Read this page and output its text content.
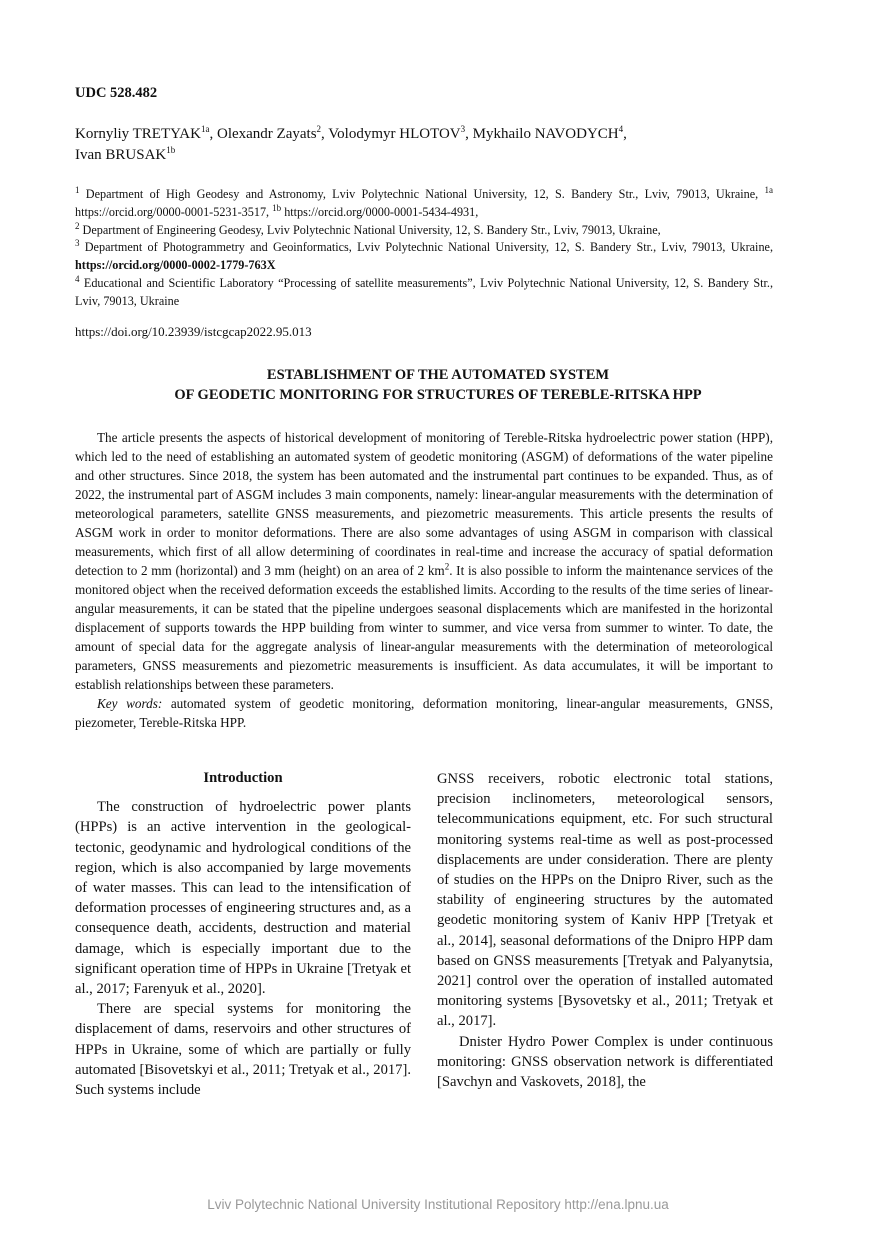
UDC 528.482
Kornyliy $TRETYAK^{1a}$, Olexandr Zayats$^2$, Volodymyr HLOTOV$^3$, Mykhailo NAVODYCH$^4$,
Ivan $BRUSAK^{1b}$
$^1$ Department of High Geodesy and Astronomy, Lviv Polytechnic National University, 12, S. Bandery Str., Lviv, 79013, Ukraine, $^{1a}$ https://orcid.org/0000-0001-5231-3517, $^{1b}$ https://orcid.org/0000-0001-5434-4931,
$^2$ Department of Engineering Geodesy, Lviv Polytechnic National University, 12, S. Bandery Str., Lviv, 79013, Ukraine,
$^3$ Department of Photogrammetry and Geoinformatics, Lviv Polytechnic National University, 12, S. Bandery Str., Lviv, 79013, Ukraine, https://orcid.org/0000-0002-1779-763X
$^4$ Educational and Scientific Laboratory “Processing of satellite measurements”, Lviv Polytechnic National University, 12, S. Bandery Str., Lviv, 79013, Ukraine
https://doi.org/10.23939/istcgcap2022.95.013
ESTABLISHMENT OF THE AUTOMATED SYSTEM
OF GEODETIC MONITORING FOR STRUCTURES OF TEREBLE-RITSKA HPP

The article presents the aspects of historical development of monitoring of Tereble-Ritska hydroelectric power station (HPP), which led to the need of establishing an automated system of geodetic monitoring (ASGM) of deformations of the water pipeline and other structures. Since 2018, the system has been automated and the instrumental part continues to be expanded. Thus, as of 2022, the instrumental part of ASGM includes 3 main components, namely: linear-angular measurements with the determination of meteorological parameters, satellite GNSS measurements, and piezometric measurements. This article presents the results of ASGM work in order to monitor deformations. There are also some advantages of using ASGM in comparison with classical measurements, which first of all allow determining of coordinates in real-time and increase the accuracy of spatial deformation detection to 2 mm (horizontal) and 3 mm (height) on an area of 2 $km^2$. It is also possible to inform the maintenance services of the monitored object when the received deformation exceeds the established limits. According to the results of the time series of linear-angular measurements, it can be stated that the pipeline undergoes seasonal displacements which are manifested in the horizontal displacement of supports towards the HPP building from winter to summer, and vice versa from summer to winter. To date, the amount of special data for the aggregate analysis of linear-angular measurements with the determination of meteorological parameters, GNSS measurements and piezometric measurements is insufficient. As data accumulates, it will be important to establish relationships between these parameters.

Key words: automated system of geodetic monitoring, deformation monitoring, linear-angular measurements, GNSS, piezometer, Tereble-Ritska HPP.

Introduction

The construction of hydroelectric power plants (HPPs) is an active intervention in the geological-tectonic, geodynamic and hydrological conditions of the region, which is also accompanied by large movements of water masses. This can lead to the intensification of deformation processes of engineering structures and, as a consequence death, accidents, destruction and material damage, which is especially important due to the significant operation time of HPPs in Ukraine [Tretyak et al., 2017; Farenyuk et al., 2020].

There are special systems for monitoring the displacement of dams, reservoirs and other structures of HPPs in Ukraine, some of which are partially or fully automated [Bisovetskyi et al., 2011; Tretyak et al., 2017]. Such systems include

GNSS receivers, robotic electronic total stations, precision inclinometers, meteorological sensors, telecommunications equipment, etc. For such structural monitoring systems real-time as well as post-processed displacements are under consideration. There are plenty of studies on the HPPs on the Dnipro River, such as the stability of engineering structures by the automated geodetic monitoring system of Kaniv HPP [Tretyak et al., 2014], seasonal deformations of the Dnipro HPP dam based on GNSS measurements [Tretyak and Palyanytsia, 2021] control over the operation of installed automated monitoring systems [Bysovetsky et al., 2011; Tretyak et al., 2017].

Dnister Hydro Power Complex is under continuous monitoring: GNSS observation network is differentiated [Savchyn and Vaskovets, 2018], the

Lviv Polytechnic National University Institutional Repository http://ena.lpnu.ua
